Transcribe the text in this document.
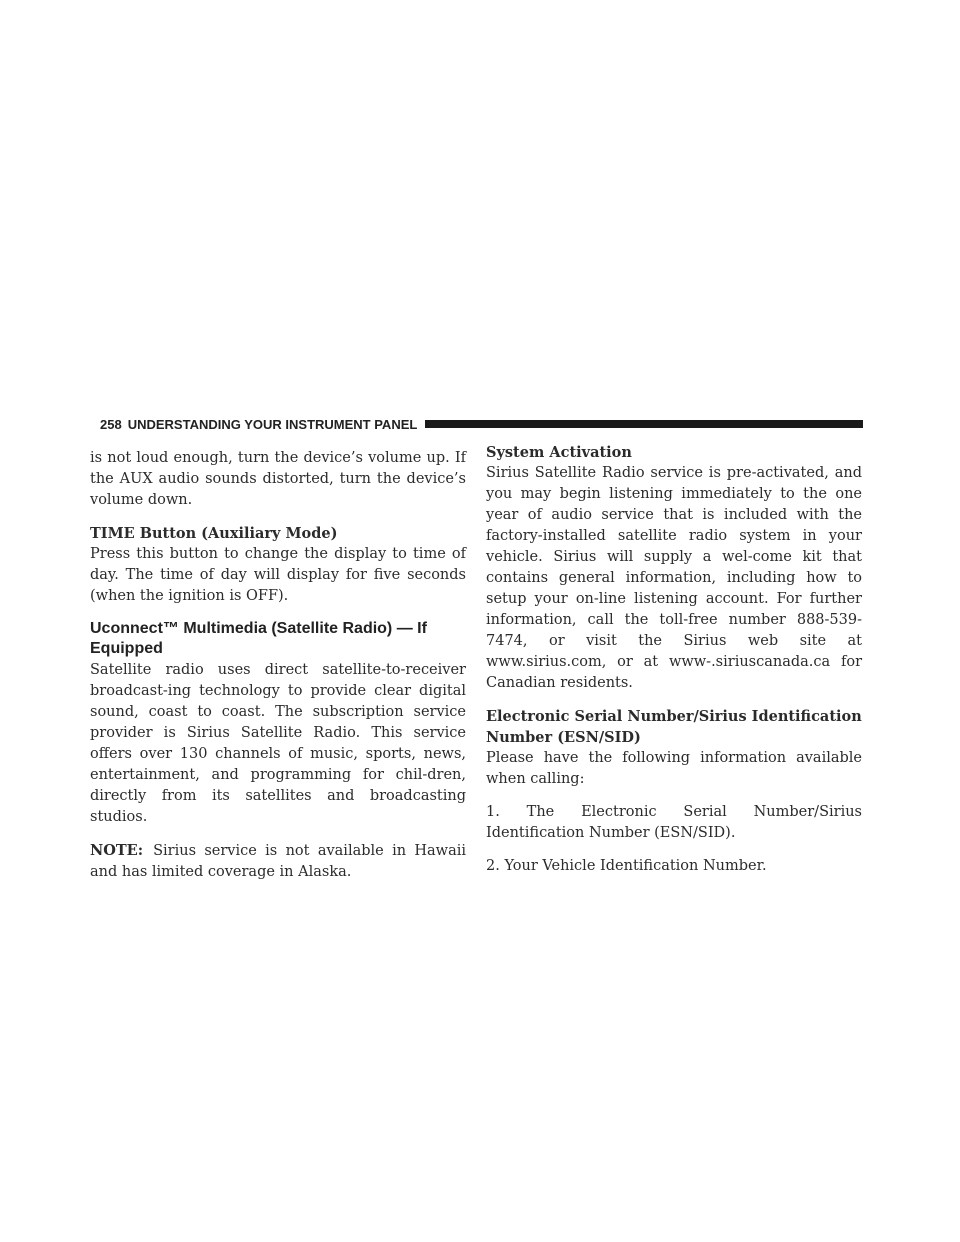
258 UNDERSTANDING YOUR INSTRUMENT PANEL

is not loud enough, turn the device’s volume up. If the AUX audio sounds distorted, turn the device’s volume down.

TIME Button (Auxiliary Mode)

Press this button to change the display to time of day. The time of day will display for five seconds (when the ignition is OFF).

Uconnect™ Multimedia (Satellite Radio) — If Equipped

Satellite radio uses direct satellite-to-receiver broadcast-ing technology to provide clear digital sound, coast to coast. The subscription service provider is Sirius Satellite Radio. This service offers over 130 channels of music, sports, news, entertainment, and programming for chil-dren, directly from its satellites and broadcasting studios.

NOTE: Sirius service is not available in Hawaii and has limited coverage in Alaska.

System Activation

Sirius Satellite Radio service is pre-activated, and you may begin listening immediately to the one year of audio service that is included with the factory-installed satellite radio system in your vehicle. Sirius will supply a wel-come kit that contains general information, including how to setup your on-line listening account. For further information, call the toll-free number 888-539-7474, or visit the Sirius web site at www.sirius.com, or at www-.siriuscanada.ca for Canadian residents.

Electronic Serial Number/Sirius Identification Number (ESN/SID)

Please have the following information available when calling:

1. The Electronic Serial Number/Sirius Identification Number (ESN/SID).

2. Your Vehicle Identification Number.
